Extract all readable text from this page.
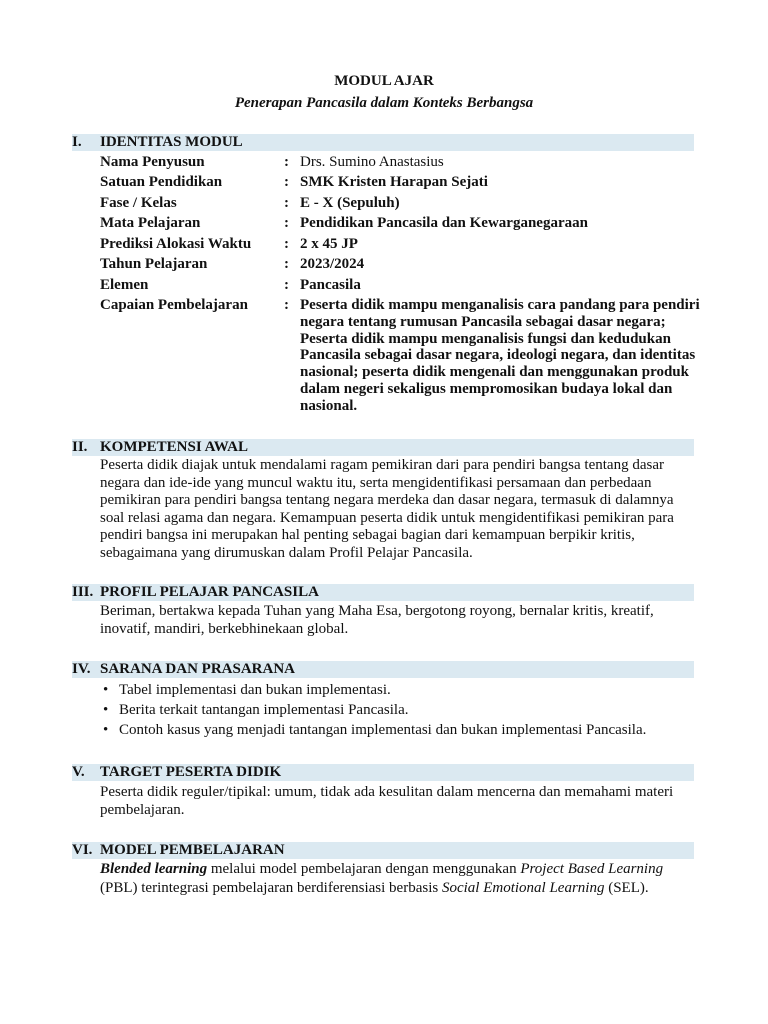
MODUL AJAR
Penerapan Pancasila dalam Konteks Berbangsa
I. IDENTITAS MODUL
Nama Penyusun	: Drs. Sumino Anastasius
Satuan Pendidikan	: SMK Kristen Harapan Sejati
Fase / Kelas	: E - X (Sepuluh)
Mata Pelajaran	: Pendidikan Pancasila dan Kewarganegaraan
Prediksi Alokasi Waktu : 2 x 45 JP
Tahun Pelajaran	: 2023/2024
Elemen	: Pancasila
Capaian Pembelajaran : Peserta didik mampu menganalisis cara pandang para pendiri negara tentang rumusan Pancasila sebagai dasar negara; Peserta didik mampu menganalisis fungsi dan kedudukan Pancasila sebagai dasar negara, ideologi negara, dan identitas nasional; peserta didik mengenali dan menggunakan produk dalam negeri sekaligus mempromosikan budaya lokal dan nasional.
II. KOMPETENSI AWAL
Peserta didik diajak untuk mendalami ragam pemikiran dari para pendiri bangsa tentang dasar negara dan ide-ide yang muncul waktu itu, serta mengidentifikasi persamaan dan perbedaan pemikiran para pendiri bangsa tentang negara merdeka dan dasar negara, termasuk di dalamnya soal relasi agama dan negara. Kemampuan peserta didik untuk mengidentifikasi pemikiran para pendiri bangsa ini merupakan hal penting sebagai bagian dari kemampuan berpikir kritis, sebagaimana yang dirumuskan dalam Profil Pelajar Pancasila.
III. PROFIL PELAJAR PANCASILA
Beriman, bertakwa kepada Tuhan yang Maha Esa, bergotong royong, bernalar kritis, kreatif, inovatif, mandiri, berkebhinekaan global.
IV. SARANA DAN PRASARANA
• Tabel implementasi dan bukan implementasi.
• Berita terkait tantangan implementasi Pancasila.
• Contoh kasus yang menjadi tantangan implementasi dan bukan implementasi Pancasila.
V. TARGET PESERTA DIDIK
Peserta didik reguler/tipikal: umum, tidak ada kesulitan dalam mencerna dan memahami materi pembelajaran.
VI. MODEL PEMBELAJARAN
Blended learning melalui model pembelajaran dengan menggunakan Project Based Learning
(PBL) terintegrasi pembelajaran berdiferensiasi berbasis Social Emotional Learning (SEL).
